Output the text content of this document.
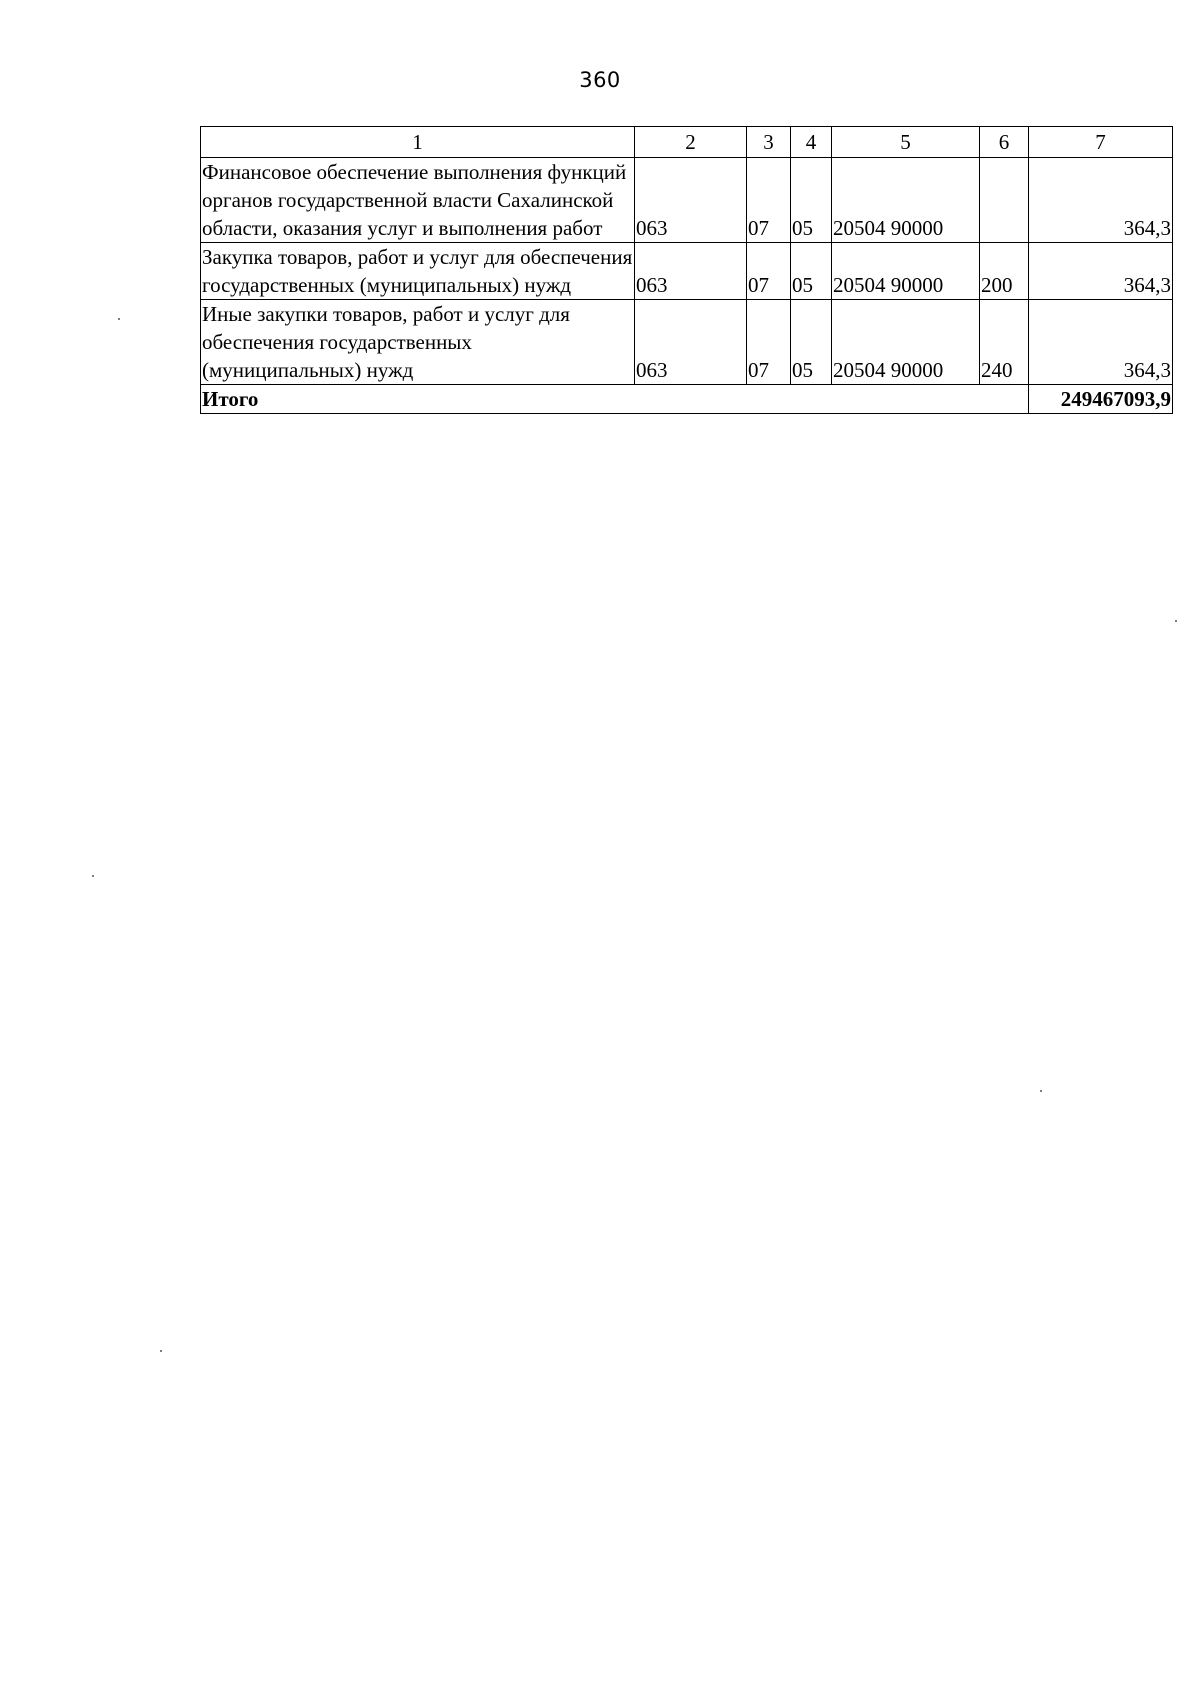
360
1	2	3	4	5	6	7
Финансовое обеспечение выполнения функций органов государственной власти Сахалинской области, оказания услуг и выполнения работ	063	07	05	20504 90000		364,3
Закупка товаров, работ и услуг для обеспечения государственных (муниципальных) нужд	063	07	05	20504 90000	200	364,3
Иные закупки товаров, работ и услуг для обеспечения государственных (муниципальных) нужд	063	07	05	20504 90000	240	364,3
Итого						249467093,9
